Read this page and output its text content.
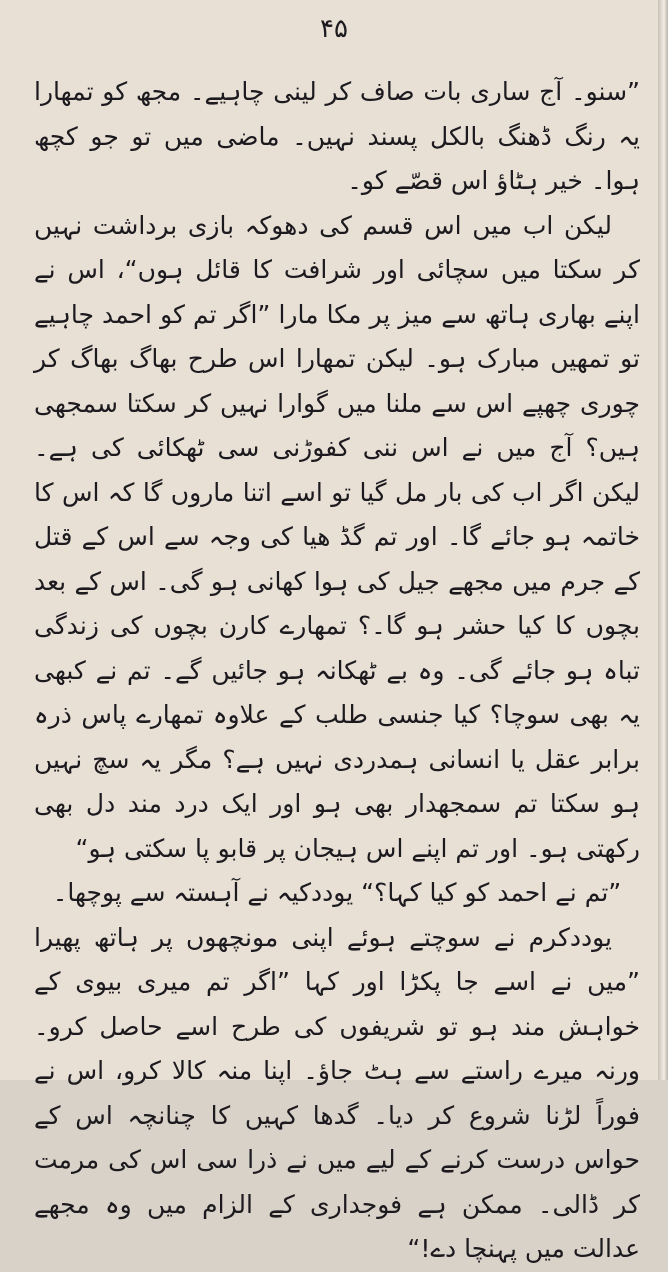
۴۵

”سنو۔ آج ساری بات صاف کر لینی چاہیے۔ مجھ کو تمھارا یہ رنگ ڈھنگ بالکل پسند نہیں۔ ماضی میں تو جو کچھ ہوا۔ خیر ہٹاؤ اس قصّے کو۔

لیکن اب میں اس قسم کی دھوکہ بازی برداشت نہیں کر سکتا میں سچائی اور شرافت کا قائل ہوں“، اس نے اپنے بھاری ہاتھ سے میز پر مکا مارا ”اگر تم کو احمد چاہیے تو تمھیں مبارک ہو۔ لیکن تمھارا اس طرح بھاگ بھاگ کر چوری چھپے اس سے ملنا میں گوارا نہیں کر سکتا سمجھی ہیں؟ آج میں نے اس ننی کفوڑنی سی ٹھکائی کی ہے۔ لیکن اگر اب کی بار مل گیا تو اسے اتنا ماروں گا کہ اس کا خاتمہ ہو جائے گا۔ اور تم گڈ ھیا کی وجہ سے اس کے قتل کے جرم میں مجھے جیل کی ہوا کھانی ہو گی۔ اس کے بعد بچوں کا کیا حشر ہو گا۔؟ تمھارے کارن بچوں کی زندگی تباہ ہو جائے گی۔ وہ بے ٹھکانہ ہو جائیں گے۔ تم نے کبھی یہ بھی سوچا؟ کیا جنسی طلب کے علاوہ تمھارے پاس ذرہ برابر عقل یا انسانی ہمدردی نہیں ہے؟ مگر یہ سچ نہیں ہو سکتا تم سمجھدار بھی ہو اور ایک درد مند دل بھی رکھتی ہو۔ اور تم اپنے اس ہیجان پر قابو پا سکتی ہو“

”تم نے احمد کو کیا کہا؟“ یوددکیہ نے آہستہ سے پوچھا۔

یوددکرم نے سوچتے ہوئے اپنی مونچھوں پر ہاتھ پھیرا ”میں نے اسے جا پکڑا اور کہا ”اگر تم میری بیوی کے خواہش مند ہو تو شریفوں کی طرح اسے حاصل کرو۔ ورنہ میرے راستے سے ہٹ جاؤ۔ اپنا منہ کالا کرو، اس نے فوراً لڑنا شروع کر دیا۔ گدھا کہیں کا چنانچہ اس کے حواس درست کرنے کے لیے میں نے ذرا سی اس کی مرمت کر ڈالی۔ ممکن ہے فوجداری کے الزام میں وہ مجھے عدالت میں پہنچا دے!“
